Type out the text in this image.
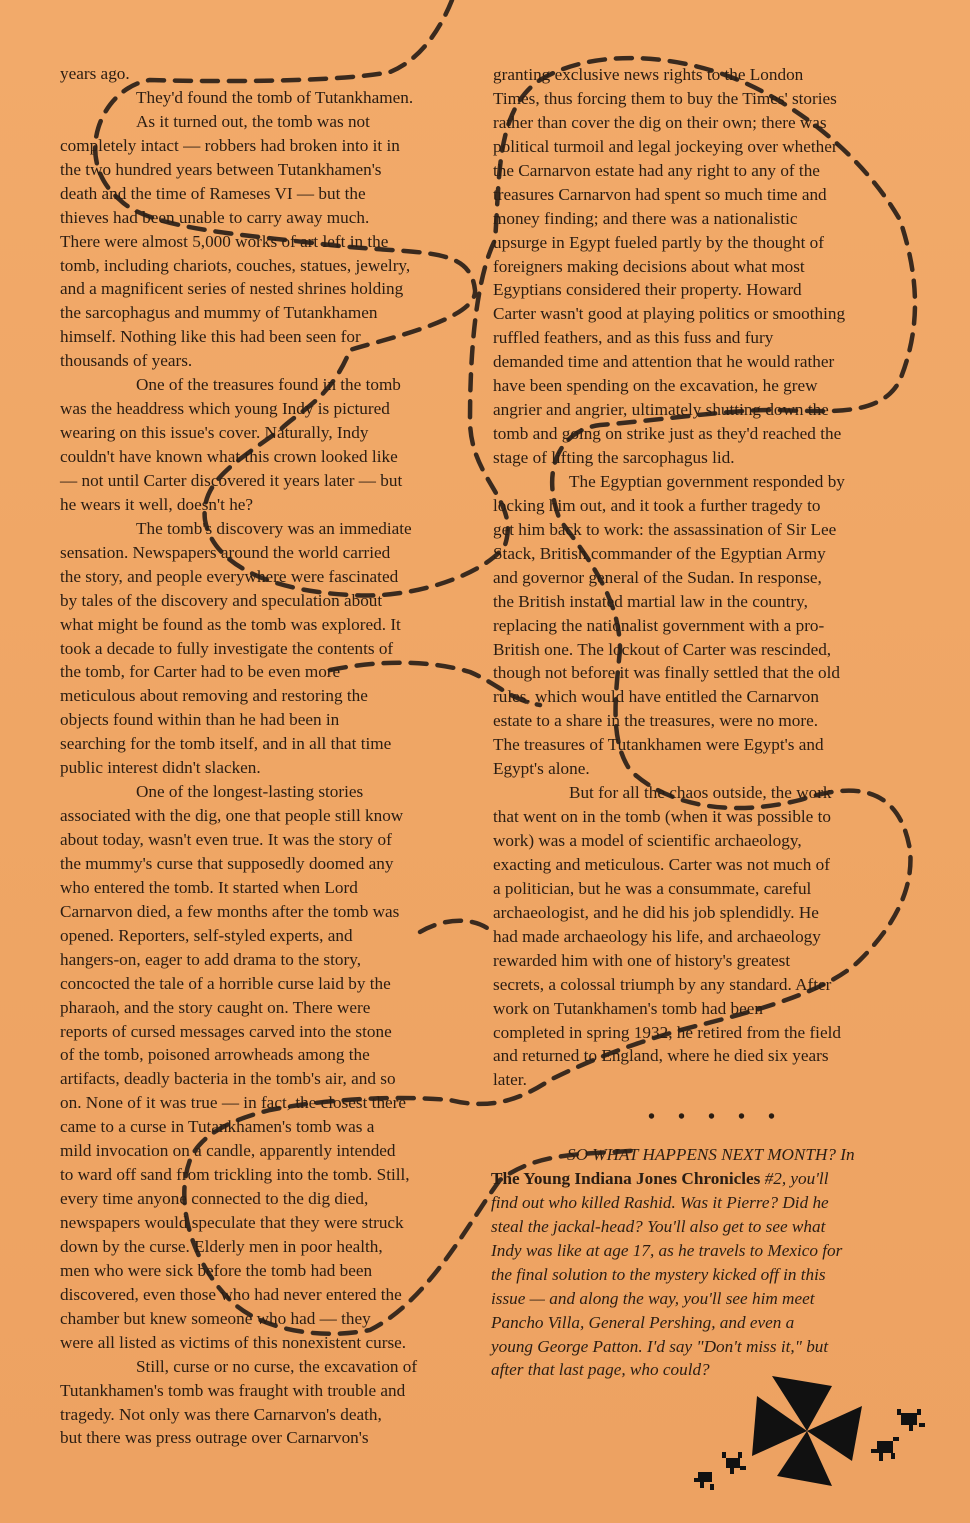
years ago.
They'd found the tomb of Tutankhamen.
As it turned out, the tomb was not
completely intact — robbers had broken into it in
the two hundred years between Tutankhamen's
death and the time of Rameses VI — but the
thieves had been unable to carry away much.
There were almost 5,000 works of art left in the
tomb, including chariots, couches, statues, jewelry,
and a magnificent series of nested shrines holding
the sarcophagus and mummy of Tutankhamen
himself. Nothing like this had been seen for
thousands of years.
One of the treasures found in the tomb
was the headdress which young Indy is pictured
wearing on this issue's cover. Naturally, Indy
couldn't have known what this crown looked like
— not until Carter discovered it years later — but
he wears it well, doesn't he?
The tomb's discovery was an immediate
sensation. Newspapers around the world carried
the story, and people everywhere were fascinated
by tales of the discovery and speculation about
what might be found as the tomb was explored. It
took a decade to fully investigate the contents of
the tomb, for Carter had to be even more
meticulous about removing and restoring the
objects found within than he had been in
searching for the tomb itself, and in all that time
public interest didn't slacken.
One of the longest-lasting stories
associated with the dig, one that people still know
about today, wasn't even true. It was the story of
the mummy's curse that supposedly doomed any
who entered the tomb. It started when Lord
Carnarvon died, a few months after the tomb was
opened. Reporters, self-styled experts, and
hangers-on, eager to add drama to the story,
concocted the tale of a horrible curse laid by the
pharaoh, and the story caught on. There were
reports of cursed messages carved into the stone
of the tomb, poisoned arrowheads among the
artifacts, deadly bacteria in the tomb's air, and so
on. None of it was true — in fact, the closest there
came to a curse in Tutankhamen's tomb was a
mild invocation on a candle, apparently intended
to ward off sand from trickling into the tomb. Still,
every time anyone connected to the dig died,
newspapers would speculate that they were struck
down by the curse. Elderly men in poor health,
men who were sick before the tomb had been
discovered, even those who had never entered the
chamber but knew someone who had — they
were all listed as victims of this nonexistent curse.
Still, curse or no curse, the excavation of
Tutankhamen's tomb was fraught with trouble and
tragedy. Not only was there Carnarvon's death,
but there was press outrage over Carnarvon's
granting exclusive news rights to the London
Times, thus forcing them to buy the Times' stories
rather than cover the dig on their own; there was
political turmoil and legal jockeying over whether
the Carnarvon estate had any right to any of the
treasures Carnarvon had spent so much time and
money finding; and there was a nationalistic
upsurge in Egypt fueled partly by the thought of
foreigners making decisions about what most
Egyptians considered their property. Howard
Carter wasn't good at playing politics or smoothing
ruffled feathers, and as this fuss and fury
demanded time and attention that he would rather
have been spending on the excavation, he grew
angrier and angrier, ultimately shutting down the
tomb and going on strike just as they'd reached the
stage of lifting the sarcophagus lid.
The Egyptian government responded by
locking him out, and it took a further tragedy to
get him back to work: the assassination of Sir Lee
Stack, British commander of the Egyptian Army
and governor general of the Sudan. In response,
the British instated martial law in the country,
replacing the nationalist government with a pro-
British one. The lockout of Carter was rescinded,
though not before it was finally settled that the old
rules, which would have entitled the Carnarvon
estate to a share in the treasures, were no more.
The treasures of Tutankhamen were Egypt's and
Egypt's alone.
But for all the chaos outside, the work
that went on in the tomb (when it was possible to
work) was a model of scientific archaeology,
exacting and meticulous. Carter was not much of
a politician, but he was a consummate, careful
archaeologist, and he did his job splendidly. He
had made archaeology his life, and archaeology
rewarded him with one of history's greatest
secrets, a colossal triumph by any standard. After
work on Tutankhamen's tomb had been
completed in spring 1932, he retired from the field
and returned to England, where he died six years
later.
• • • • •
SO WHAT HAPPENS NEXT MONTH? In
The Young Indiana Jones Chronicles #2, you'll
find out who killed Rashid. Was it Pierre? Did he
steal the jackal-head? You'll also get to see what
Indy was like at age 17, as he travels to Mexico for
the final solution to the mystery kicked off in this
issue — and along the way, you'll see him meet
Pancho Villa, General Pershing, and even a
young George Patton. I'd say "Don't miss it," but
after that last page, who could?
